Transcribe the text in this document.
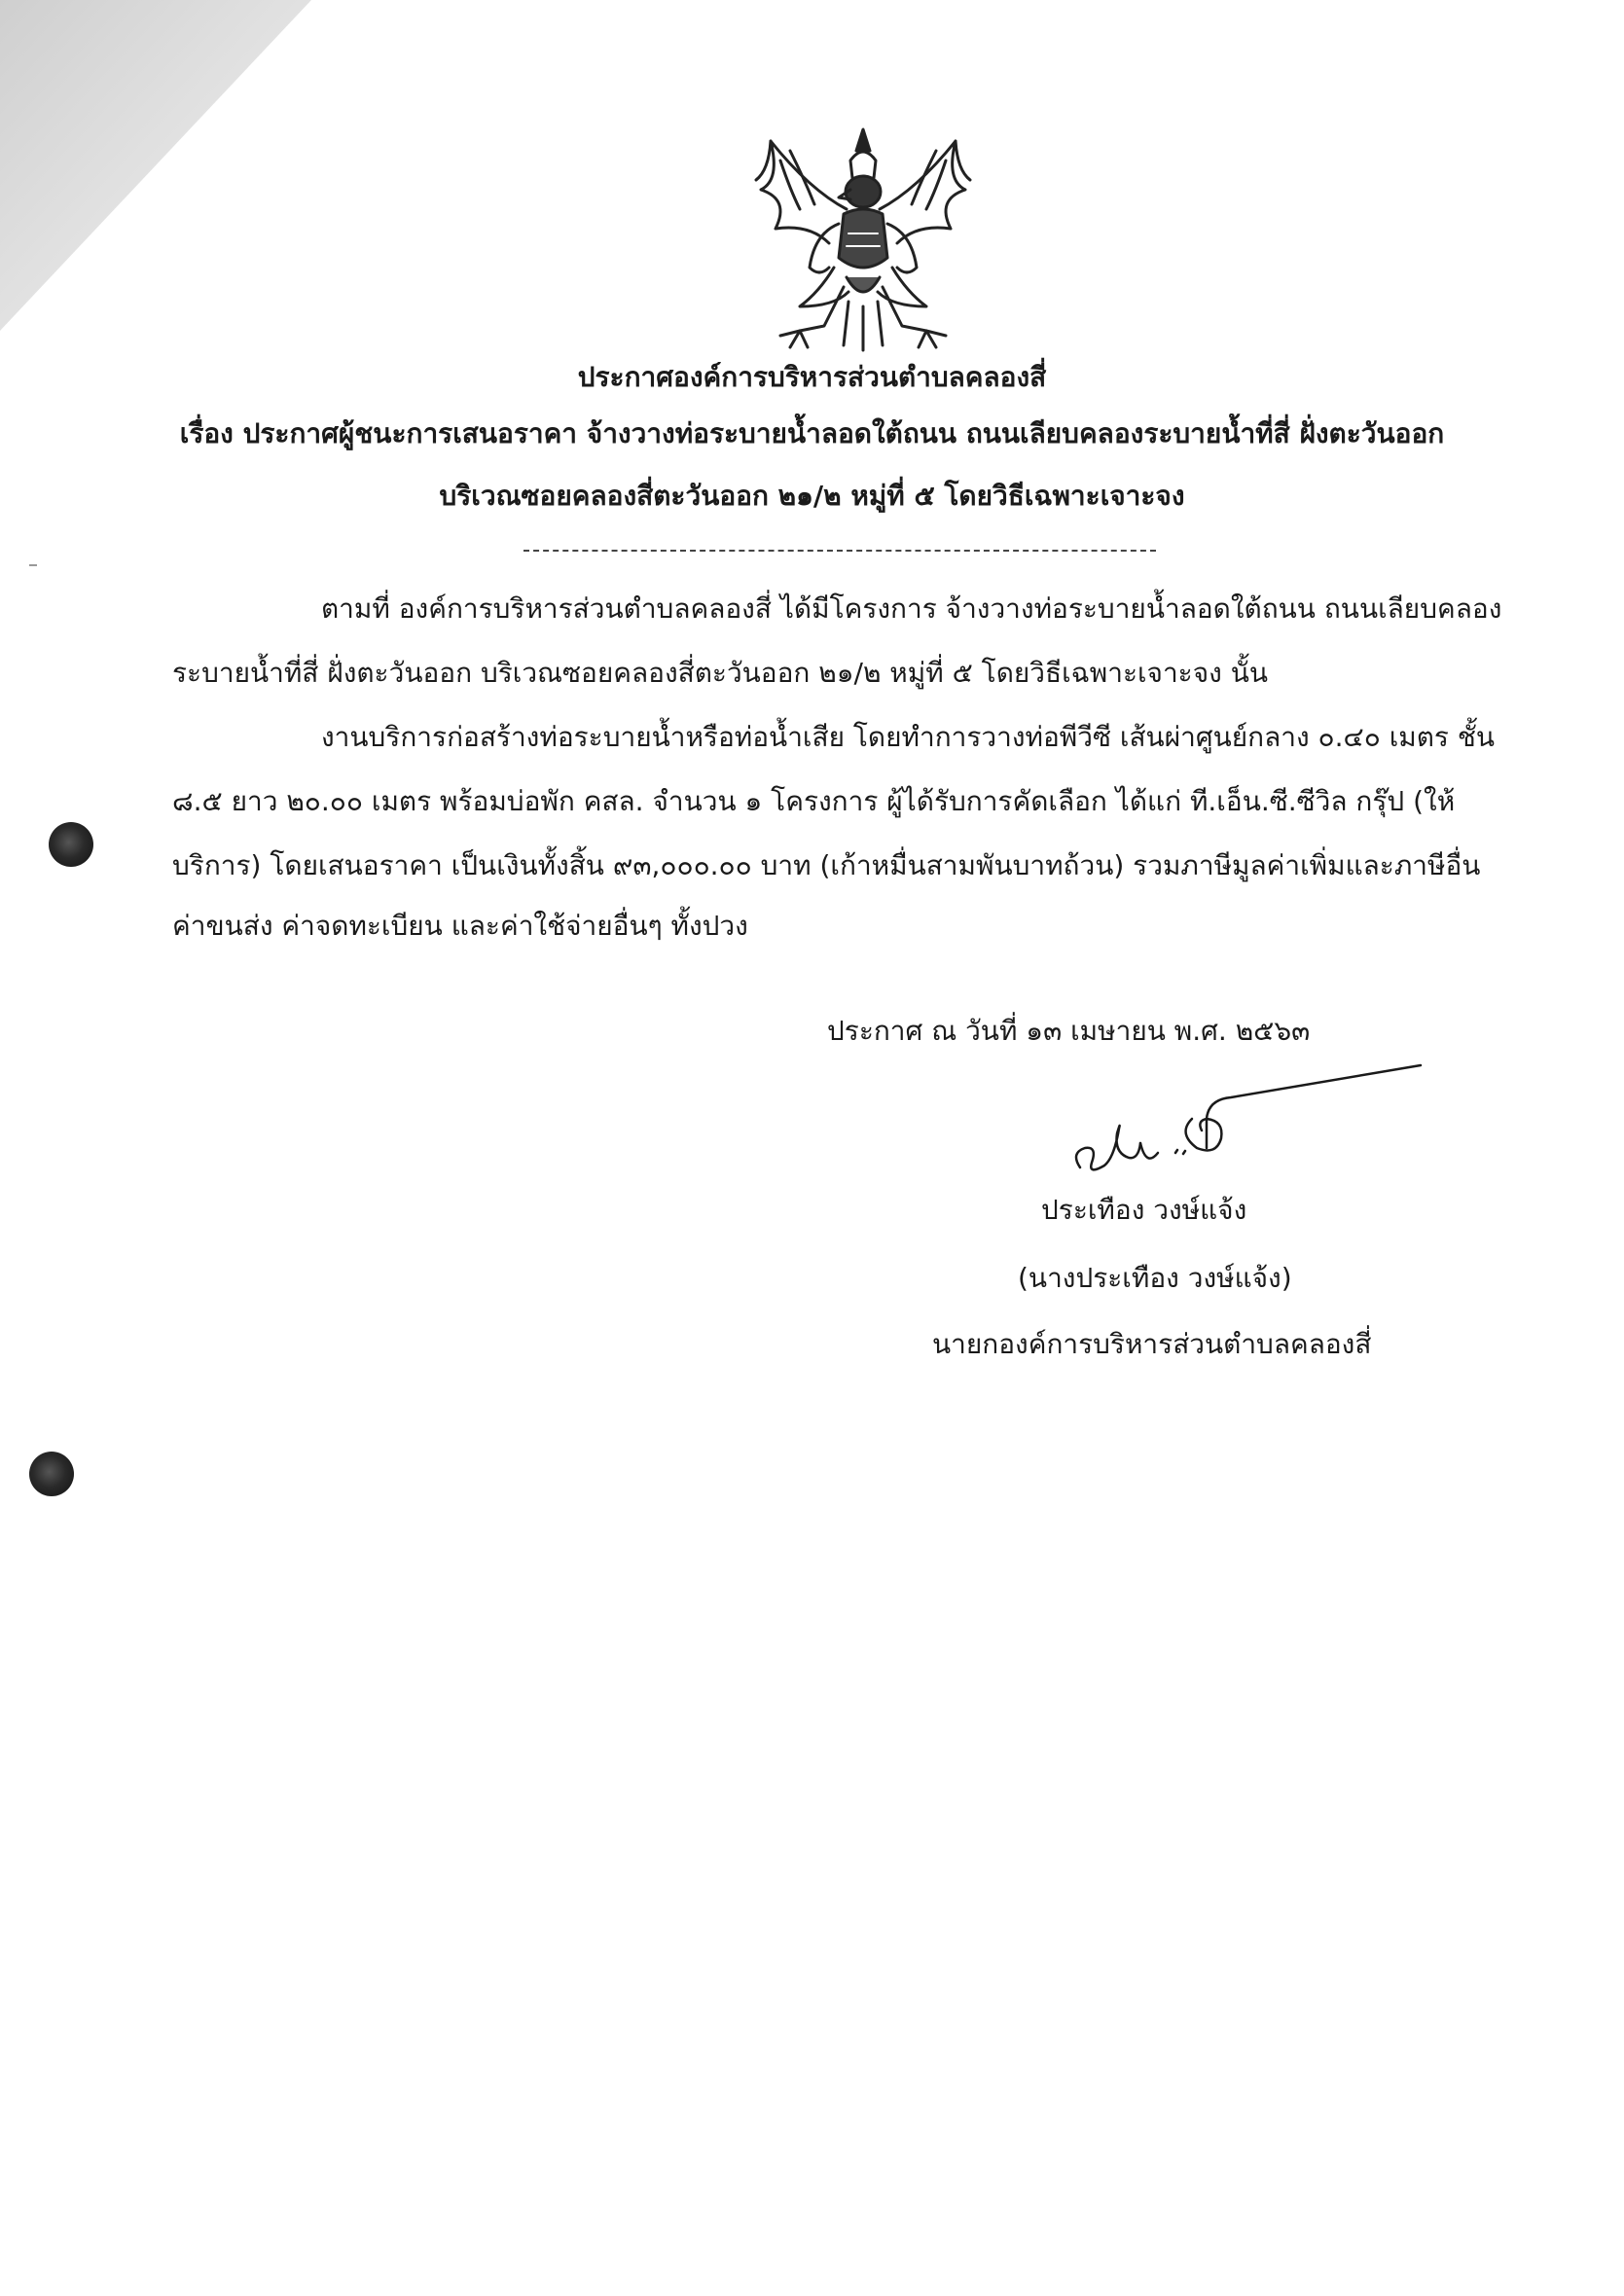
ประกาศองค์การบริหารส่วนตำบลคลองสี่
เรื่อง ประกาศผู้ชนะการเสนอราคา จ้างวางท่อระบายน้ำลอดใต้ถนน ถนนเลียบคลองระบายน้ำที่สี่ ฝั่งตะวันออก
บริเวณซอยคลองสี่ตะวันออก ๒๑/๒ หมู่ที่ ๕ โดยวิธีเฉพาะเจาะจง
ตามที่ องค์การบริหารส่วนตำบลคลองสี่ ได้มีโครงการ จ้างวางท่อระบายน้ำลอดใต้ถนน ถนนเลียบคลอง
ระบายน้ำที่สี่ ฝั่งตะวันออก บริเวณซอยคลองสี่ตะวันออก ๒๑/๒ หมู่ที่ ๕ โดยวิธีเฉพาะเจาะจง นั้น
งานบริการก่อสร้างท่อระบายน้ำหรือท่อน้ำเสีย โดยทำการวางท่อพีวีซี เส้นผ่าศูนย์กลาง ๐.๔๐ เมตร ชั้น
๘.๕ ยาว ๒๐.๐๐ เมตร พร้อมบ่อพัก คสล. จำนวน ๑ โครงการ ผู้ได้รับการคัดเลือก ได้แก่ ที.เอ็น.ซี.ซีวิล กรุ๊ป (ให้
บริการ) โดยเสนอราคา เป็นเงินทั้งสิ้น ๙๓,๐๐๐.๐๐ บาท (เก้าหมื่นสามพันบาทถ้วน) รวมภาษีมูลค่าเพิ่มและภาษีอื่น
ค่าขนส่ง ค่าจดทะเบียน และค่าใช้จ่ายอื่นๆ ทั้งปวง
ประกาศ ณ วันที่ ๑๓ เมษายน พ.ศ. ๒๕๖๓
ประเทือง วงษ์แจ้ง
(นางประเทือง วงษ์แจ้ง)
นายกองค์การบริหารส่วนตำบลคลองสี่
